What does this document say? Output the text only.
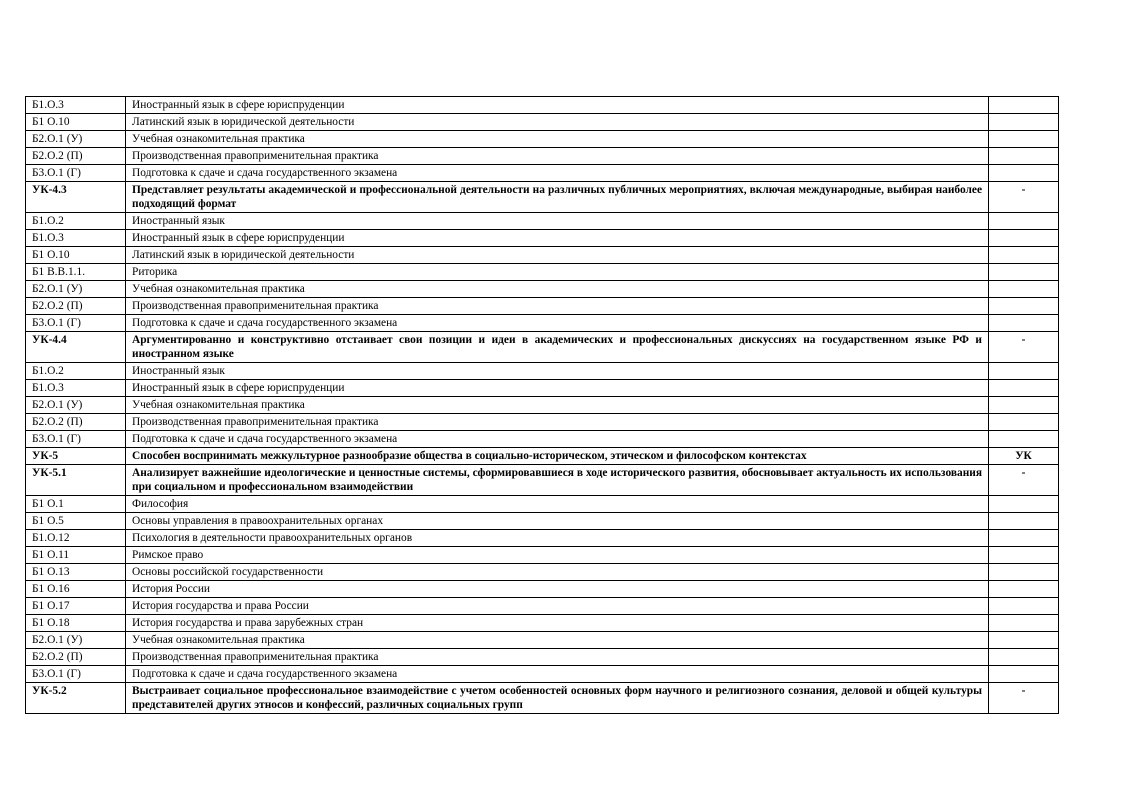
Б1.О.3	Иностранный язык в сфере юриспруденции	
Б1 О.10	Латинский язык в юридической деятельности	
Б2.О.1 (У)	Учебная ознакомительная практика	
Б2.О.2 (П)	Производственная правоприменительная практика	
Б3.О.1 (Г)	Подготовка к сдаче и сдача государственного экзамена	
УК-4.3	Представляет результаты академической и профессиональной деятельности на различных публичных мероприятиях, включая международные, выбирая наиболее подходящий формат	-
Б1.О.2	Иностранный язык	
Б1.О.3	Иностранный язык в сфере юриспруденции	
Б1 О.10	Латинский язык в юридической деятельности	
Б1 В.В.1.1.	Риторика	
Б2.О.1 (У)	Учебная ознакомительная практика	
Б2.О.2 (П)	Производственная правоприменительная практика	
Б3.О.1 (Г)	Подготовка к сдаче и сдача государственного экзамена	
УК-4.4	Аргументированно и конструктивно отстаивает свои позиции и идеи в академических и профессиональных дискуссиях на государственном языке РФ и иностранном языке	-
Б1.О.2	Иностранный язык	
Б1.О.3	Иностранный язык в сфере юриспруденции	
Б2.О.1 (У)	Учебная ознакомительная практика	
Б2.О.2 (П)	Производственная правоприменительная практика	
Б3.О.1 (Г)	Подготовка к сдаче и сдача государственного экзамена	
УК-5	Способен воспринимать межкультурное разнообразие общества в социально-историческом, этическом и философском контекстах	УК
УК-5.1	Анализирует важнейшие идеологические и ценностные системы, сформировавшиеся в ходе исторического развития, обосновывает актуальность их использования при социальном и профессиональном взаимодействии	-
Б1 О.1	Философия	
Б1 О.5	Основы управления в правоохранительных органах	
Б1.О.12	Психология в деятельности правоохранительных органов	
Б1 О.11	Римское право	
Б1 О.13	Основы российской государственности	
Б1 О.16	История России	
Б1 О.17	История государства и права России	
Б1 О.18	История государства и права зарубежных стран	
Б2.О.1 (У)	Учебная ознакомительная практика	
Б2.О.2 (П)	Производственная правоприменительная практика	
Б3.О.1 (Г)	Подготовка к сдаче и сдача государственного экзамена	
УК-5.2	Выстраивает социальное профессиональное взаимодействие с учетом особенностей основных форм научного и религиозного сознания, деловой и общей культуры представителей других этносов и конфессий, различных социальных групп	-
